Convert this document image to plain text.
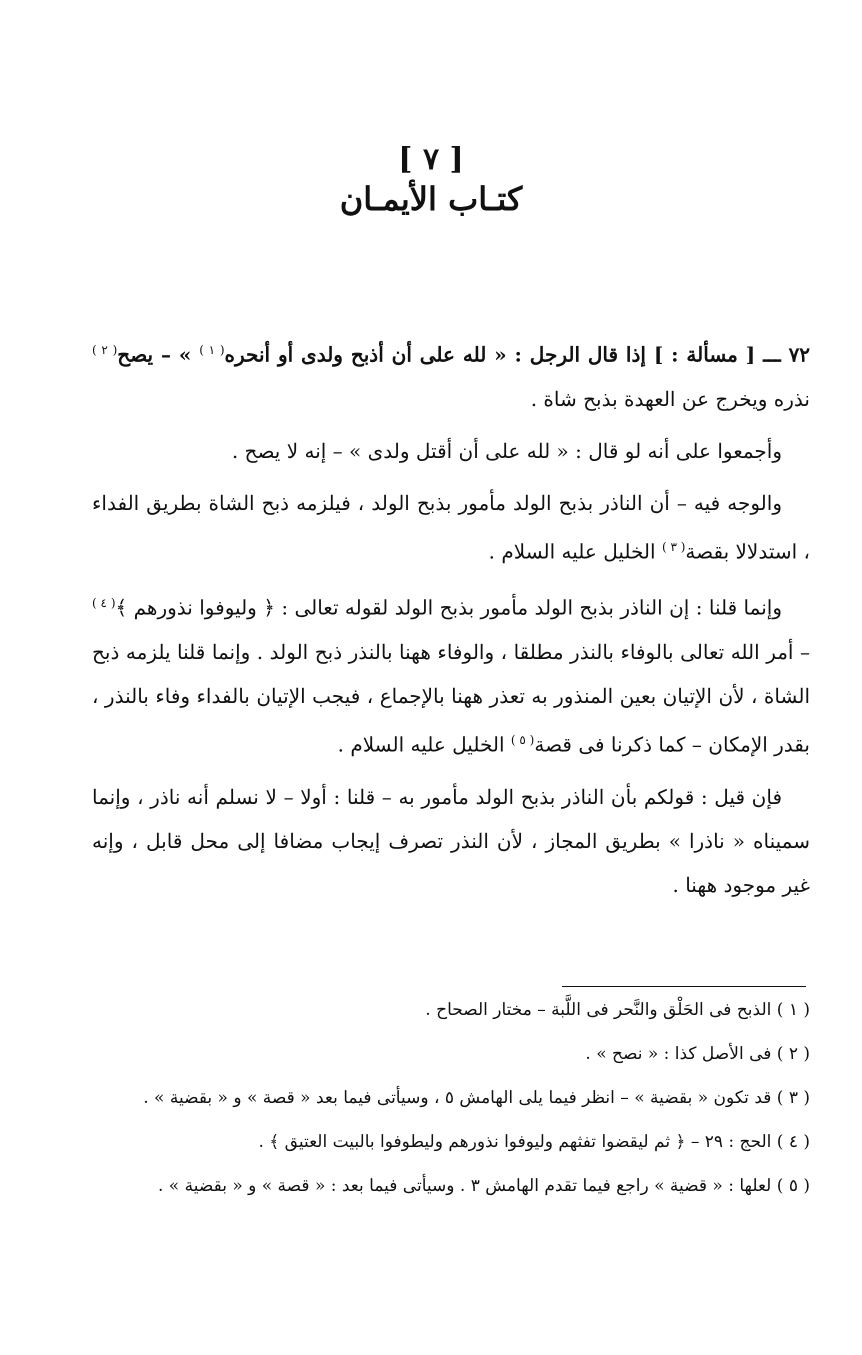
[ ٧ ]
كتـاب الأيمـان

٧٢ ـــ [ مسألة : ] إذا قال الرجل : « لله على أن أذبح ولدى أو أنحره$^{( ١ )}$ » – يصح$^{( ٢ )}$ نذره ويخرج عن العهدة بذبح شاة .

وأجمعوا على أنه لو قال : « لله على أن أقتل ولدى » – إنه لا يصح .

والوجه فيه – أن الناذر بذبح الولد مأمور بذبح الولد ، فيلزمه ذبح الشاة بطريق الفداء ، استدلالا بقصة$^{( ٣ )}$ الخليل عليه السلام .

وإنما قلنا : إن الناذر بذبح الولد مأمور بذبح الولد لقوله تعالى : ﴿ وليوفوا نذورهم ﴾$^{( ٤ )}$ – أمر الله تعالى بالوفاء بالنذر مطلقا ، والوفاء ههنا بالنذر ذبح الولد . وإنما قلنا يلزمه ذبح الشاة ، لأن الإتيان بعين المنذور به تعذر ههنا بالإجماع ، فيجب الإتيان بالفداء وفاء بالنذر ، بقدر الإمكان – كما ذكرنا فى قصة$^{( ٥ )}$ الخليل عليه السلام .

فإن قيل : قولكم بأن الناذر بذبح الولد مأمور به – قلنا : أولا – لا نسلم أنه ناذر ، وإنما سميناه « ناذرا » بطريق المجاز ، لأن النذر تصرف إيجاب مضافا إلى محل قابل ، وإنه غير موجود ههنا .

( ١ ) الذبح فى الحَلْق والنَّحر فى اللَّبة – مختار الصحاح .

( ٢ ) فى الأصل كذا : « نصح » .

( ٣ ) قد تكون « بقضية » – انظر فيما يلى الهامش ٥ ، وسيأتى فيما بعد « قصة » و « بقضية » .

( ٤ ) الحج : ٢٩ – ﴿ ثم ليقضوا تفثهم وليوفوا نذورهم وليطوفوا بالبيت العتيق ﴾ .

( ٥ ) لعلها : « قضية » راجع فيما تقدم الهامش ٣ . وسيأتى فيما بعد : « قصة » و « بقضية » .
